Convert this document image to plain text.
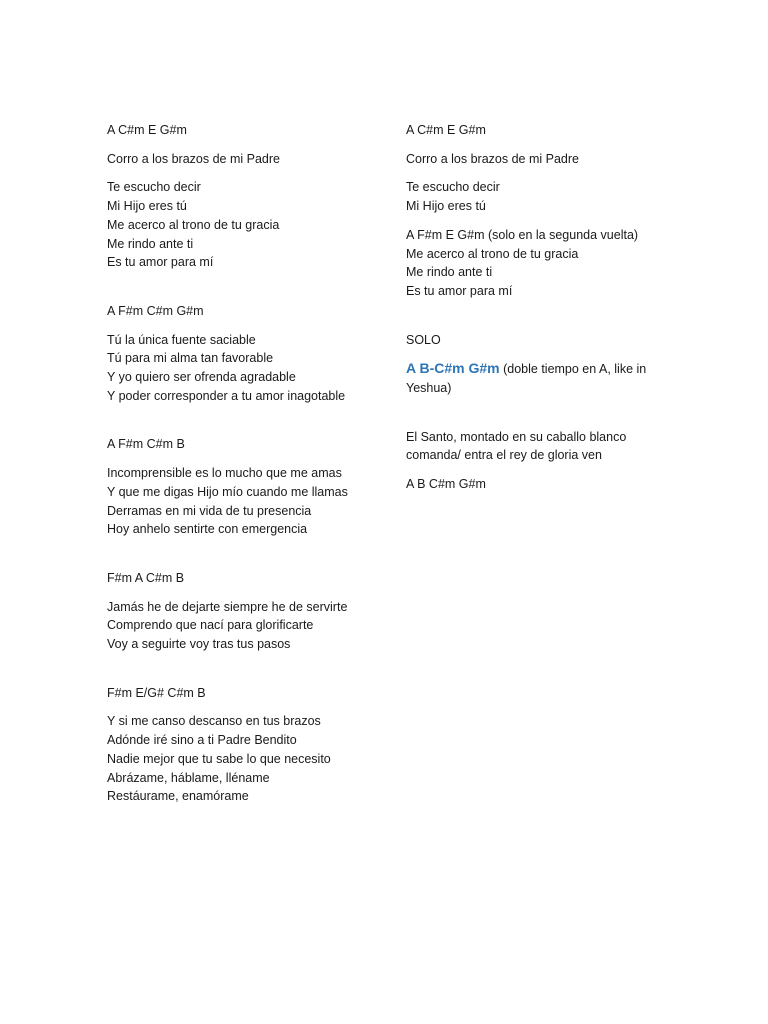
A C#m E G#m
Corro a los brazos de mi Padre
Te escucho decir
Mi Hijo eres tú
Me acerco al trono de tu gracia
Me rindo ante ti
Es tu amor para mí
A F#m C#m G#m
Tú la única fuente saciable
Tú para mi alma tan favorable
Y yo quiero ser ofrenda agradable
Y poder corresponder a tu amor inagotable
A F#m C#m B
Incomprensible es lo mucho que me amas
Y que me digas Hijo mío cuando me llamas
Derramas en mi vida de tu presencia
Hoy anhelo sentirte con emergencia
F#m A C#m B
Jamás he de dejarte siempre he de servirte
Comprendo que nací para glorificarte
Voy a seguirte voy tras tus pasos
F#m E/G# C#m B
Y si me canso descanso en tus brazos
Adónde iré sino a ti Padre Bendito
Nadie mejor que tu sabe lo que necesito
Abrázame, háblame, lléname
Restáurame, enamórame
A C#m E G#m
Corro a los brazos de mi Padre
Te escucho decir
Mi Hijo eres tú
A F#m E G#m (solo en la segunda vuelta)
Me acerco al trono de tu gracia
Me rindo ante ti
Es tu amor para mí
SOLO
A B-C#m G#m (doble tiempo en A, like in Yeshua)
El Santo, montado en su caballo blanco comanda/ entra el rey de gloria ven
A B C#m G#m
